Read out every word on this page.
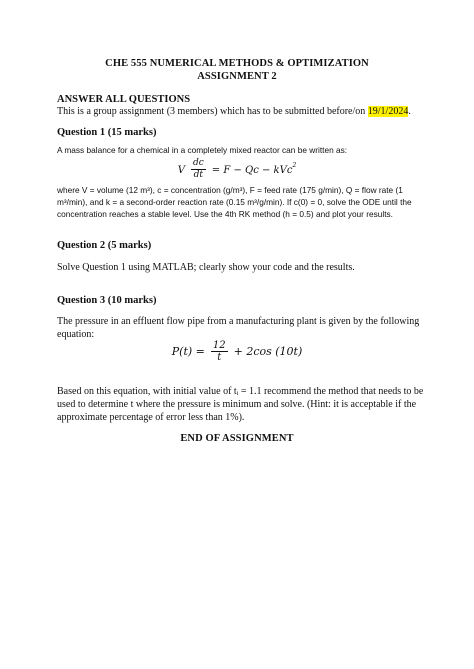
CHE 555 NUMERICAL METHODS & OPTIMIZATION
ASSIGNMENT 2
ANSWER ALL QUESTIONS
This is a group assignment (3 members) which has to be submitted before/on 19/1/2024.
Question 1 (15 marks)
A mass balance for a chemical in a completely mixed reactor can be written as:
V $\frac{dc}{dt} = F - Qc - kVc^2$
where V = volume (12 m³), c = concentration (g/m³), F = feed rate (175 g/min), Q = flow rate (1
m³/min), and k = a second-order reaction rate (0.15 m³/g/min). If c(0) = 0, solve the ODE until the
concentration reaches a stable level. Use the 4th RK method (h = 0.5) and plot your results.
Question 2 (5 marks)
Solve Question 1 using MATLAB; clearly show your code and the results.
Question 3 (10 marks)
The pressure in an effluent flow pipe from a manufacturing plant is given by the following
equation:
$P(t) = \frac{12}{t} + 2\cos$ (10t)
Based on this equation, with initial value of tᵢ = 1.1 recommend the method that needs to be
used to determine t where the pressure is minimum and solve. (Hint: it is acceptable if the
approximate percentage of error less than 1%).
END OF ASSIGNMENT
